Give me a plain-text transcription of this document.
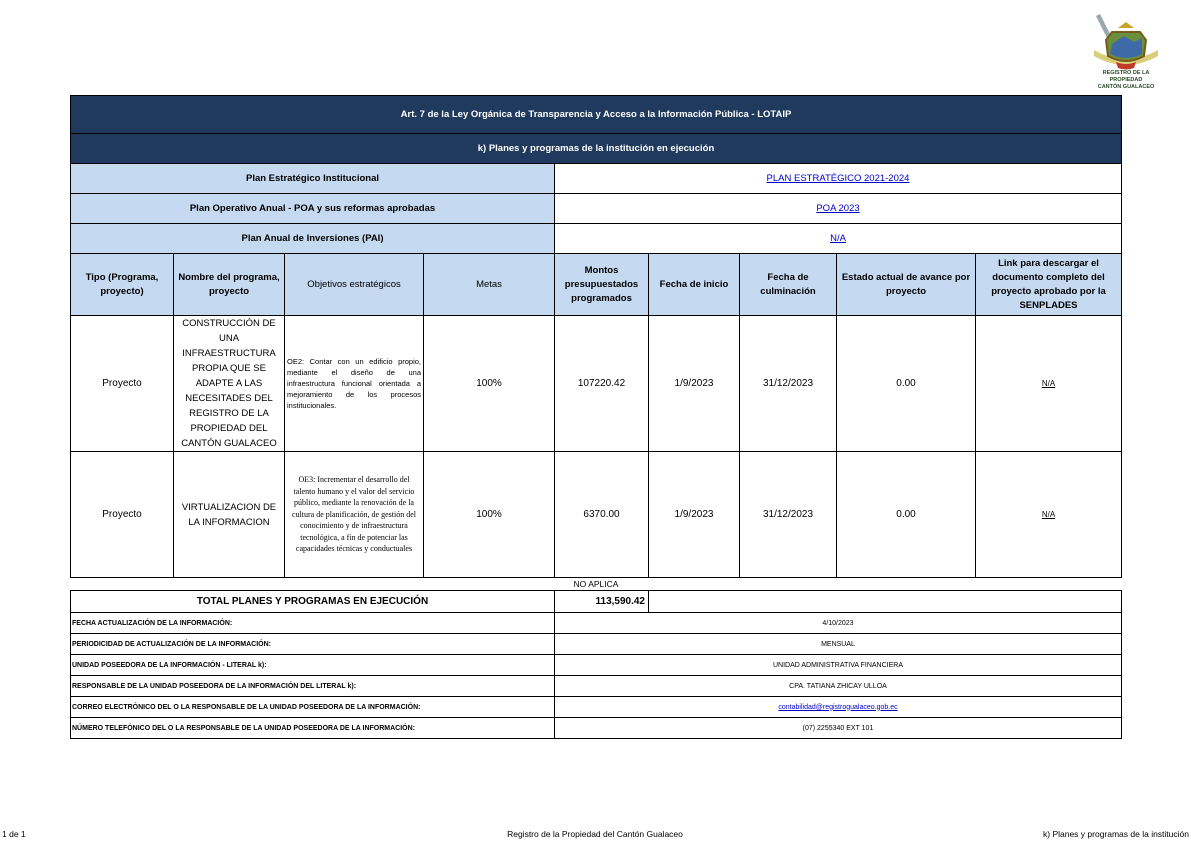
REGISTRO DE LA PROPIEDAD
CANTÓN GUALACEO
Art. 7 de la Ley Orgánica de Transparencia y Acceso a la Información Pública - LOTAIP								
k) Planes y programas de la institución en ejecución								
Plan Estratégico Institucional				PLAN ESTRATÉGICO 2021-2024				
Plan Operativo Anual - POA y sus reformas aprobadas				POA 2023				
Plan Anual de Inversiones (PAI)				N/A				
Tipo (Programa, proyecto)	Nombre del programa, proyecto	Objetivos estratégicos	Metas	Montos presupuestados programados	Fecha de inicio	Fecha de culminación	Estado actual de avance por proyecto	Link para descargar el documento completo del proyecto aprobado por la SENPLADES
Proyecto	CONSTRUCCIÓN DE UNA INFRAESTRUCTURA PROPIA QUE SE ADAPTE A LAS NECESITADES DEL REGISTRO DE LA PROPIEDAD DEL CANTÓN GUALACEO	OE2: Contar con un edificio propio, mediante el diseño de una infraestructura funcional orientada a mejoramiento de los procesos institucionales.	100%	107220.42	1/9/2023	31/12/2023	0.00	N/A
Proyecto	VIRTUALIZACION DE LA INFORMACION	OE3: Incrementar el desarrollo del talento humano y el valor del servicio público, mediante la renovación de la cultura de planificación, de gestión del conocimiento y de infraestructura tecnológica, a fin de potenciar las capacidades técnicas y conductuales	100%	6370.00	1/9/2023	31/12/2023	0.00	N/A
NO APLICA								
TOTAL PLANES Y PROGRAMAS EN EJECUCIÓN				113,590.42				
FECHA ACTUALIZACIÓN DE LA INFORMACIÓN:				4/10/2023				
PERIODICIDAD DE ACTUALIZACIÓN DE LA INFORMACIÓN:				MENSUAL				
UNIDAD POSEEDORA DE LA INFORMACIÓN - LITERAL k):				UNIDAD ADMINISTRATIVA FINANCIERA				
RESPONSABLE DE LA UNIDAD POSEEDORA DE LA INFORMACIÓN DEL LITERAL k):				CPA. TATIANA ZHICAY ULLOA				
CORREO ELECTRÓNICO DEL O LA RESPONSABLE DE LA UNIDAD POSEEDORA DE LA INFORMACIÓN:				contabilidad@registrogualaceo.gob.ec				
NÚMERO TELEFÓNICO DEL O LA RESPONSABLE DE LA UNIDAD POSEEDORA DE LA INFORMACIÓN:				(07) 2255340 EXT 101				
1 de 1	Registro de la Propiedad del Cantón Gualaceo	k) Planes y programas de la institución
